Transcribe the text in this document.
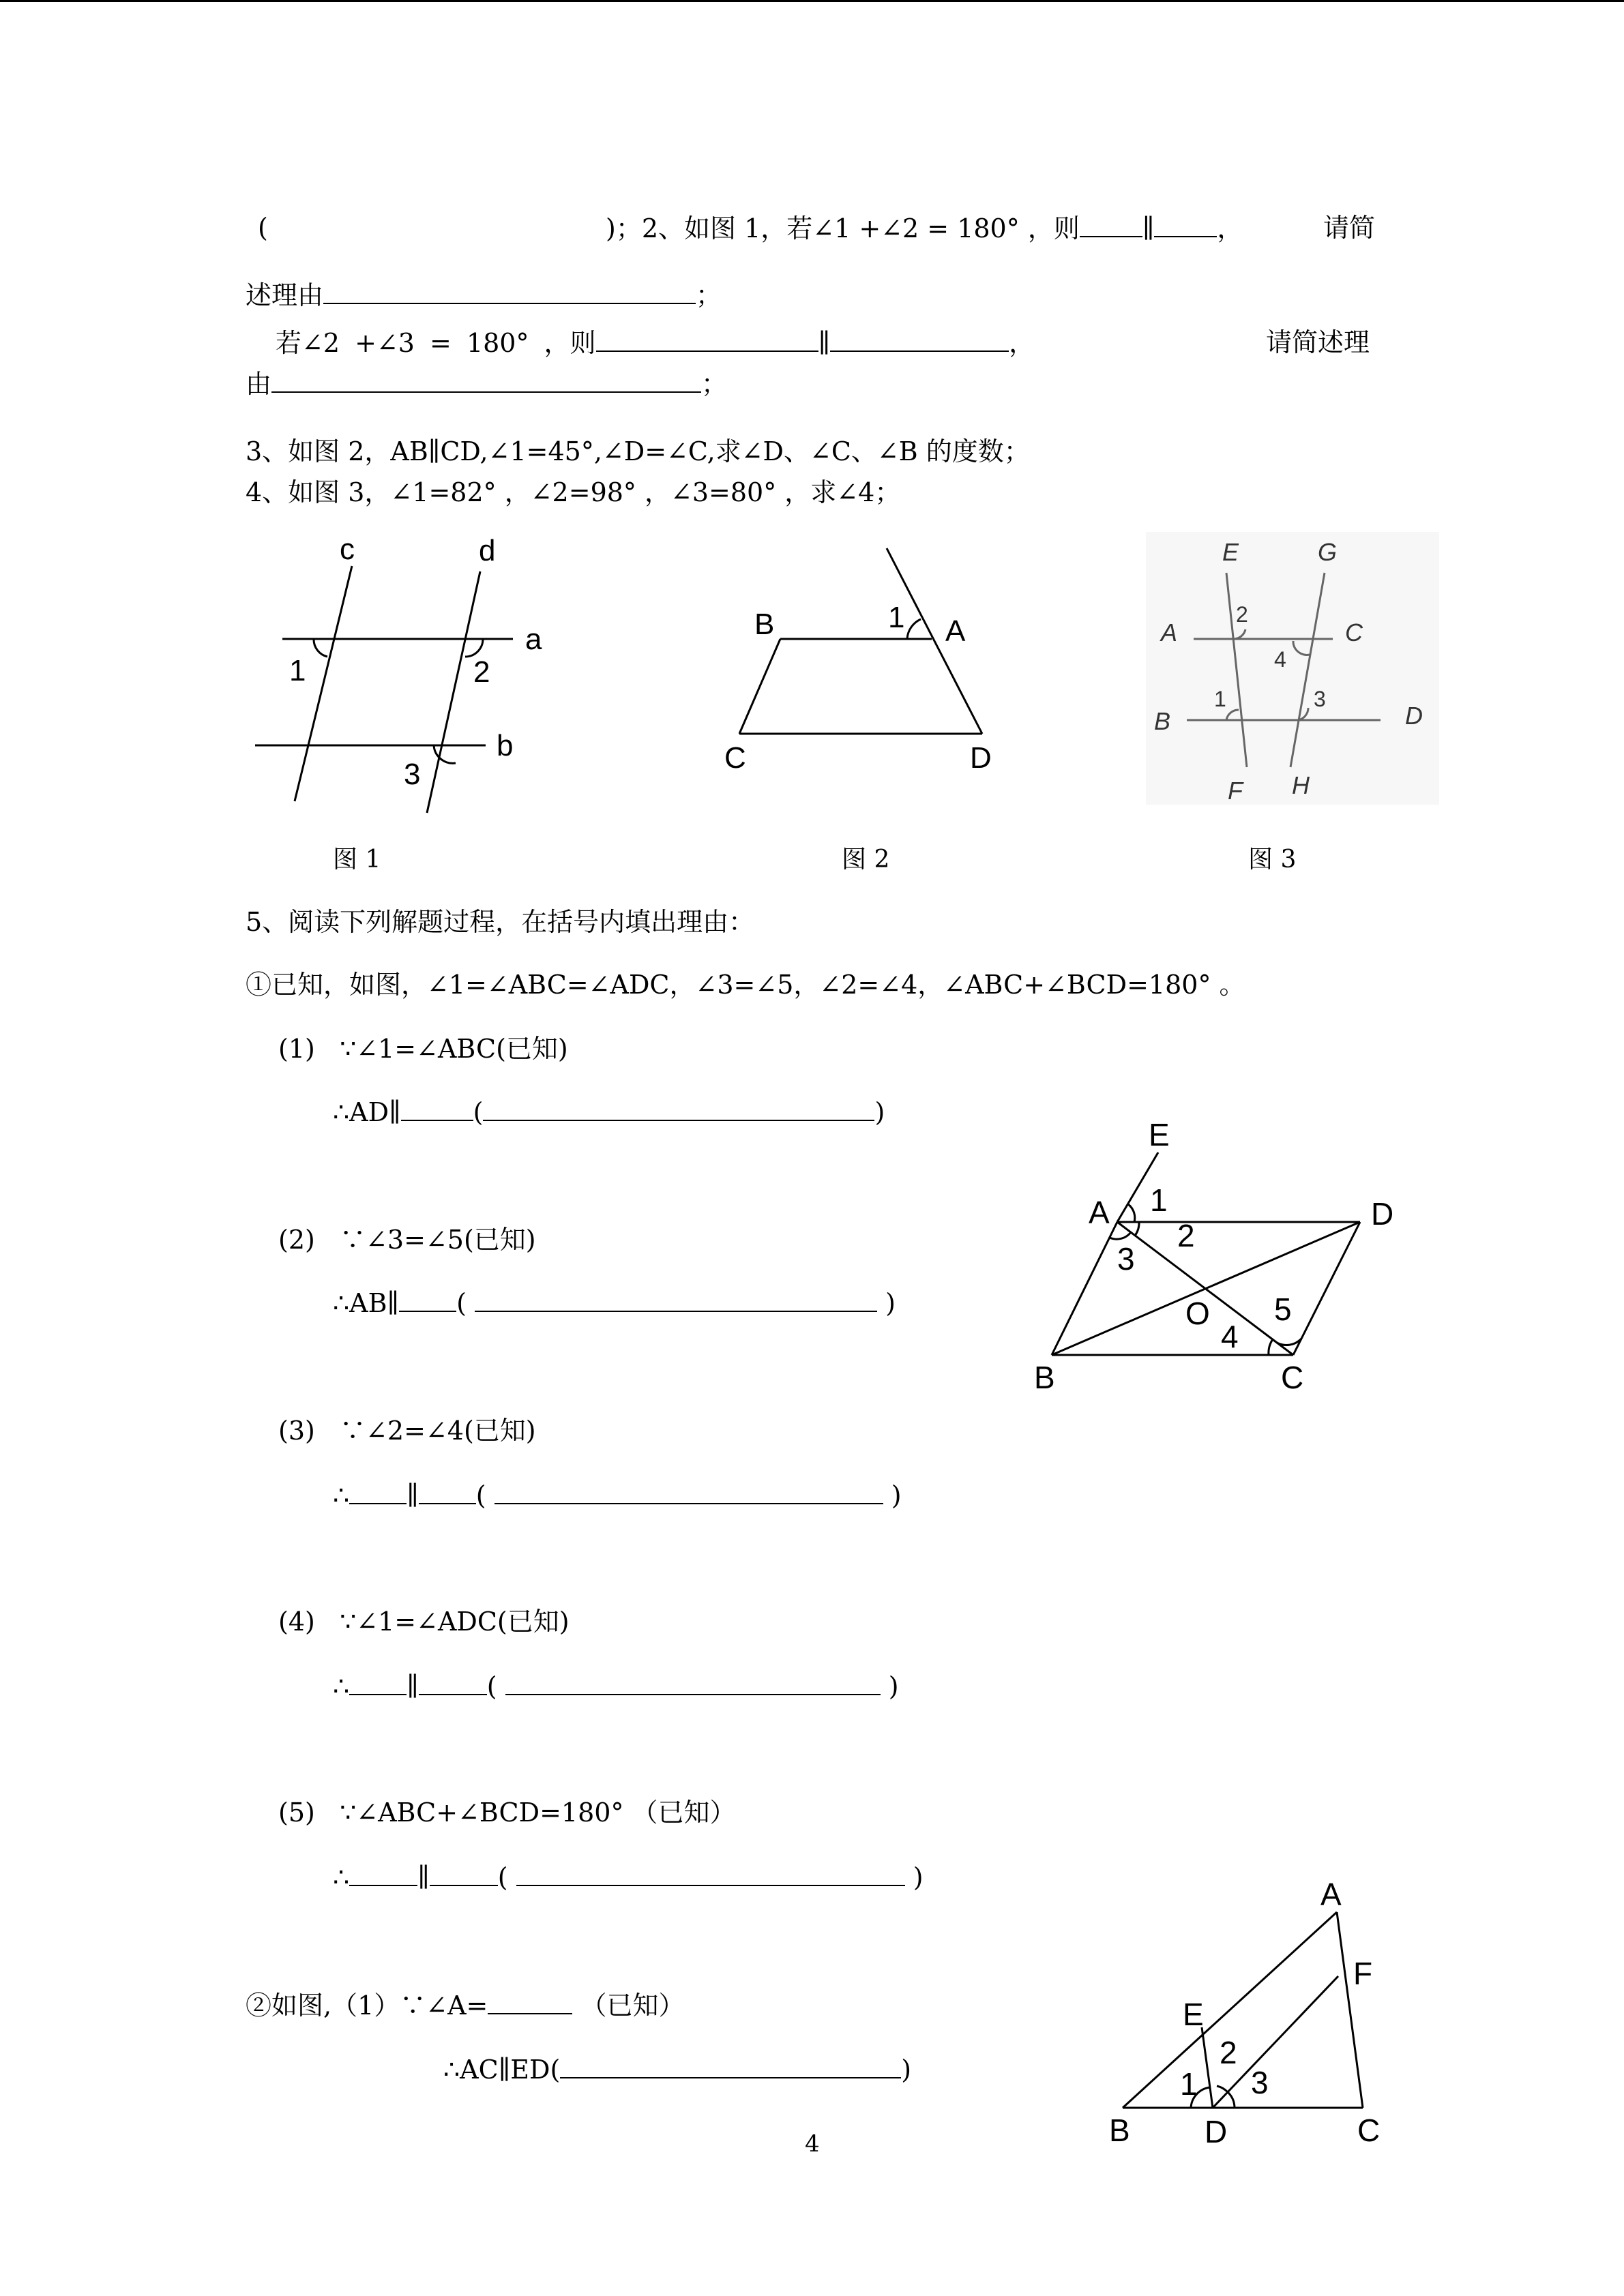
(	)；2、如图 1，若∠1 +∠2 = 180° ，则 ∥ ，	请简
述理由	；
若∠2 +∠3 = 180° ，则	∥	，	请简述理
由	；
3、如图 2，AB∥CD,∠1=45°,∠D=∠C,求∠D、∠C、∠B 的度数；
4、如图 3，∠1=82° ，∠2=98° ，∠3=80° ，求∠4；
c	d
a
b
1	2
3
图 1
B	A
1
C	D
图 2
E	G
A	C
B	D
F H
2
4
1	3
图 3
5、阅读下列解题过程，在括号内填出理由：
①已知，如图，∠1=∠ABC=∠ADC，∠3=∠5，∠2=∠4，∠ABC+∠BCD=180° 。
(1) ∵∠1=∠ABC(已知)
∴AD∥	(	)
(2) ∵∠3=∠5(已知)
∴AB∥ (	)
(3) ∵∠2=∠4(已知)
∴ ∥ (	)
(4) ∵∠1=∠ADC(已知)
∴ ∥	(	)
(5) ∵∠ABC+∠BCD=180° （已知）
∴	∥	(	)
E
A 1
2
3
D
O 5
4
B	C
②如图,（1）∵∠A=	（已知）
∴AC∥ED(	)
A
F
E
2
1 3
B D	C
4
